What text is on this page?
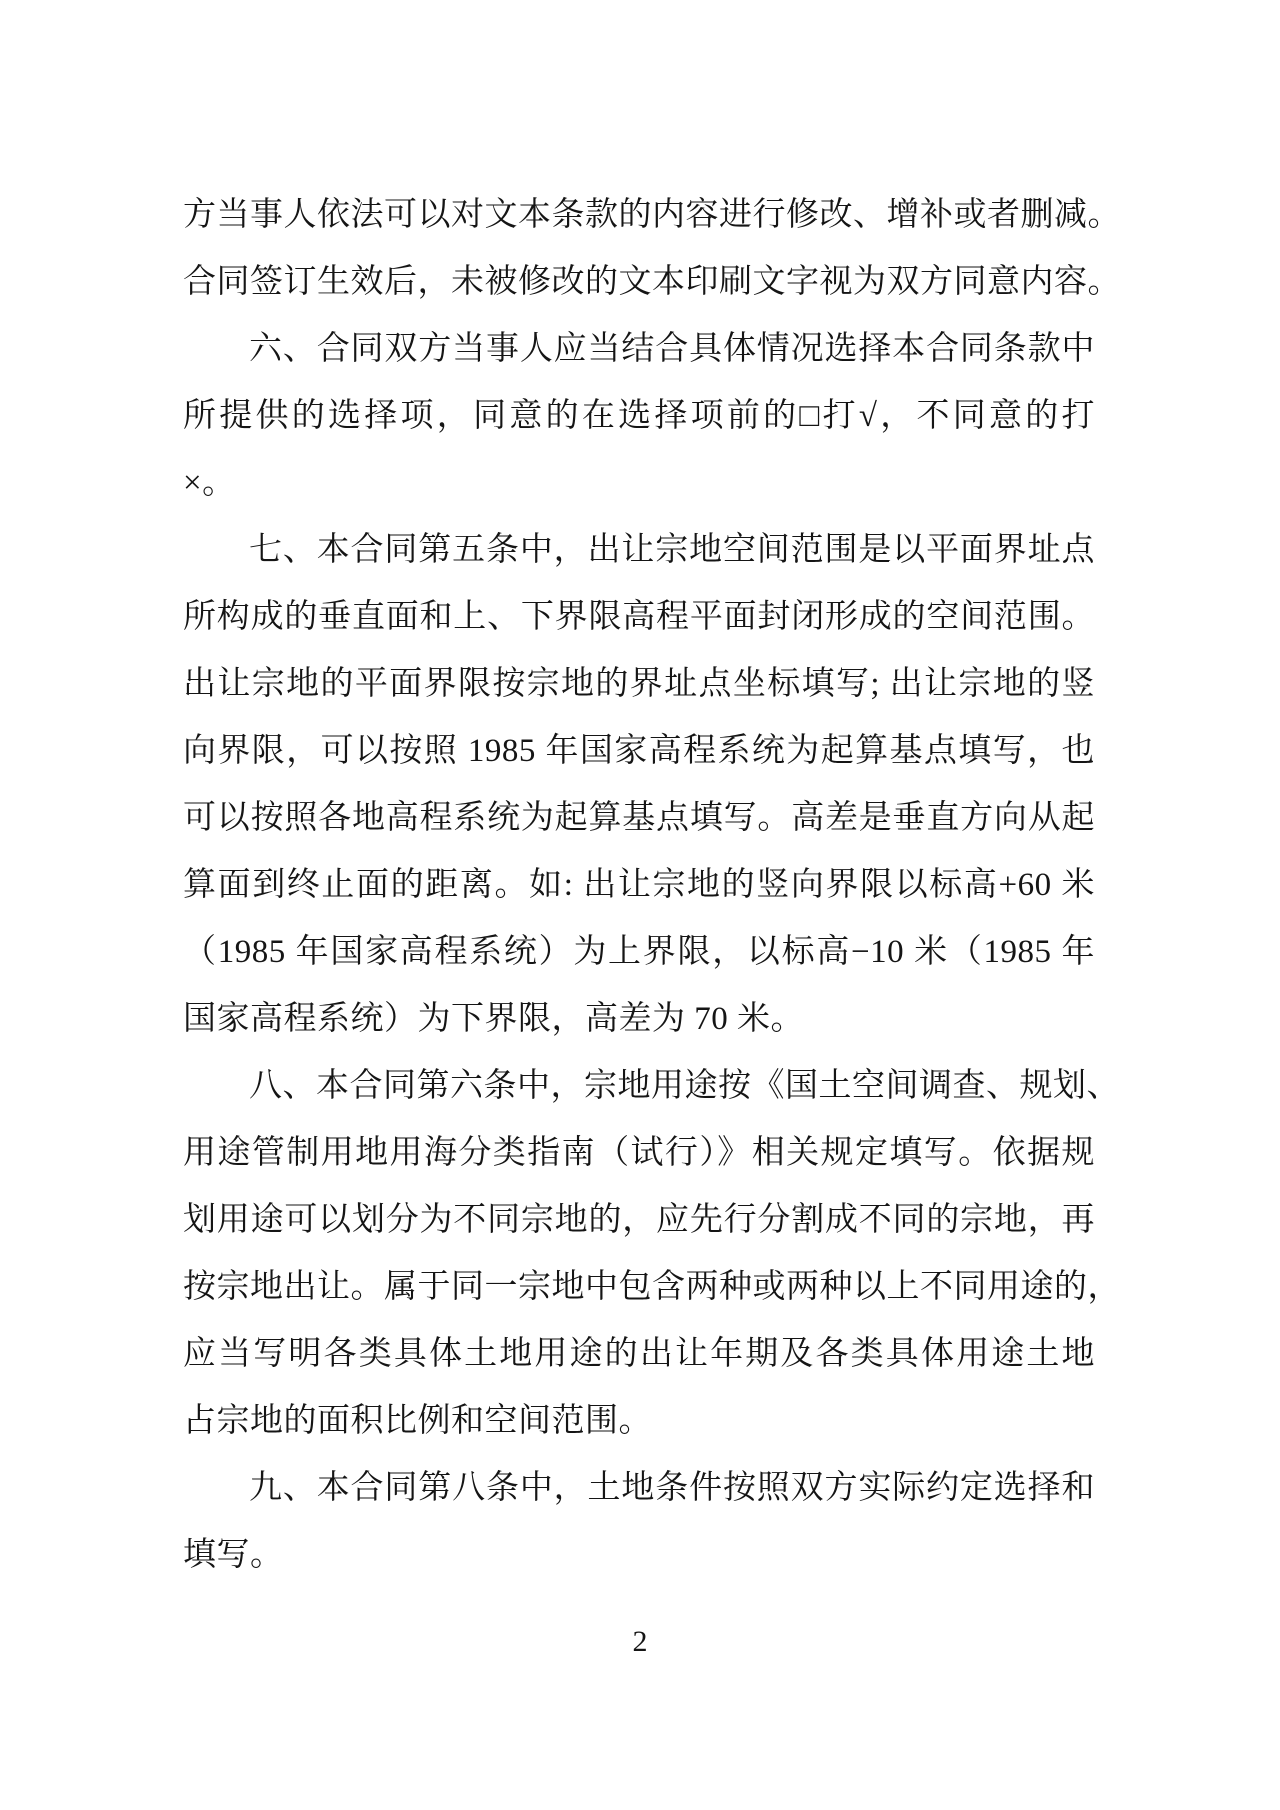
方当事人依法可以对文本条款的内容进行修改、增补或者删减。
合同签订生效后，未被修改的文本印刷文字视为双方同意内容。
六、合同双方当事人应当结合具体情况选择本合同条款中
所提供的选择项，同意的在选择项前的□打√，不同意的打
×。
七、本合同第五条中，出让宗地空间范围是以平面界址点
所构成的垂直面和上、下界限高程平面封闭形成的空间范围。
出让宗地的平面界限按宗地的界址点坐标填写; 出让宗地的竖
向界限，可以按照 1985 年国家高程系统为起算基点填写，也
可以按照各地高程系统为起算基点填写。高差是垂直方向从起
算面到终止面的距离。如: 出让宗地的竖向界限以标高+60 米
（1985 年国家高程系统）为上界限，以标高−10 米（1985 年
国家高程系统）为下界限，高差为 70 米。
八、本合同第六条中，宗地用途按《国土空间调查、规划、
用途管制用地用海分类指南（试行）》相关规定填写。依据规
划用途可以划分为不同宗地的，应先行分割成不同的宗地，再
按宗地出让。属于同一宗地中包含两种或两种以上不同用途的，
应当写明各类具体土地用途的出让年期及各类具体用途土地
占宗地的面积比例和空间范围。
九、本合同第八条中，土地条件按照双方实际约定选择和
填写。
2
